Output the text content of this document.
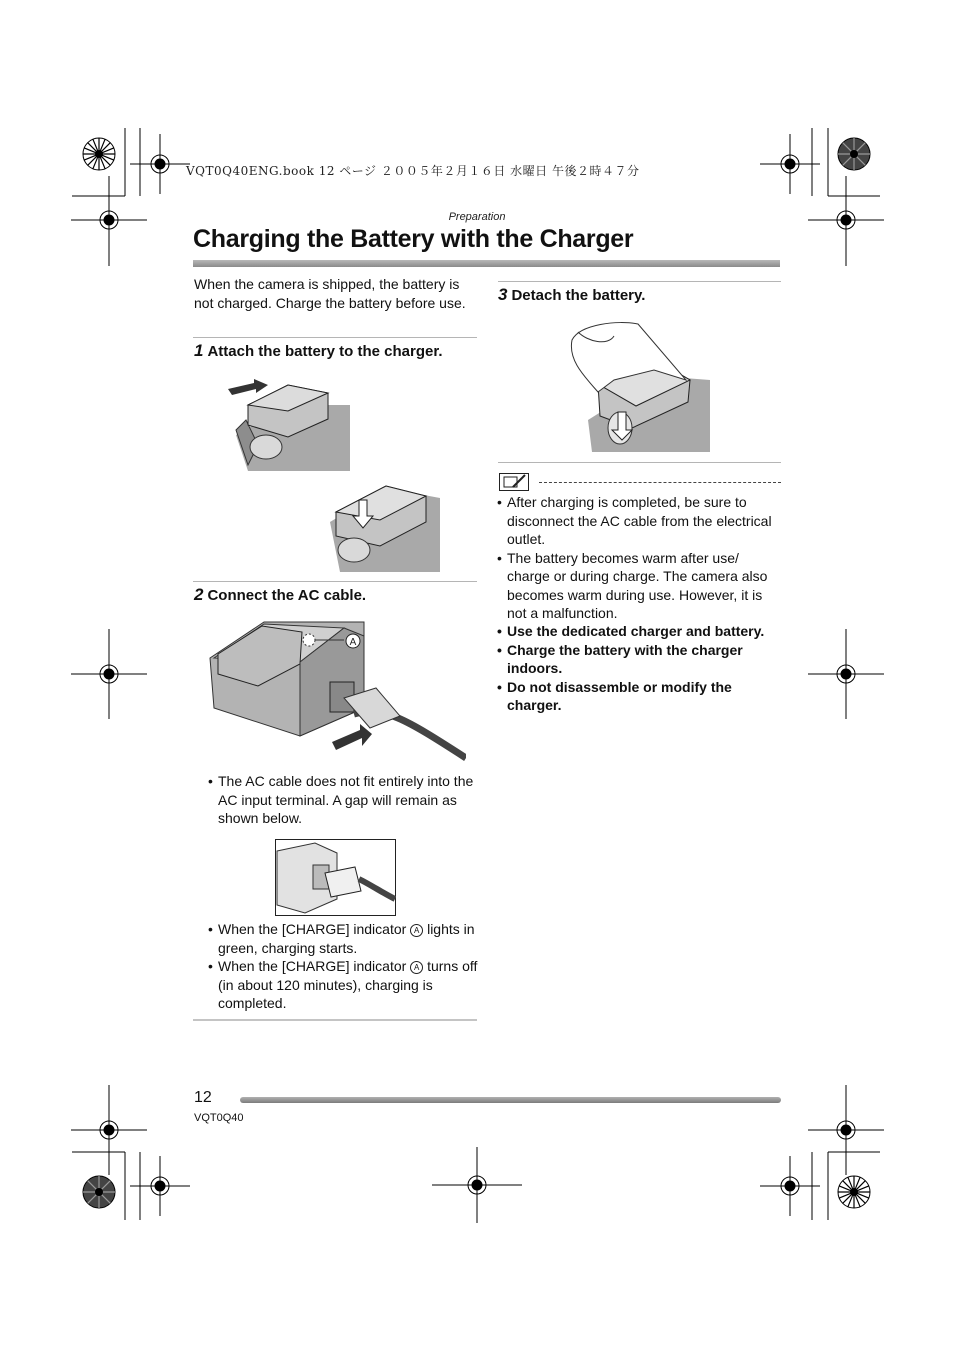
VQT0Q40ENG.book 12 ページ ２００５年２月１６日 水曜日 午後２時４７分
Preparation
Charging the Battery with the Charger
When the camera is shipped, the battery is not charged. Charge the battery before use.
1 Attach the battery to the charger.
2 Connect the AC cable.
A
• The AC cable does not fit entirely into the AC input terminal. A gap will remain as shown below.
• When the [CHARGE] indicator A lights in green, charging starts.
• When the [CHARGE] indicator A turns off (in about 120 minutes), charging is completed.
3 Detach the battery.
• After charging is completed, be sure to disconnect the AC cable from the electrical outlet.
• The battery becomes warm after use/ charge or during charge. The camera also becomes warm during use. However, it is not a malfunction.
• Use the dedicated charger and battery.
• Charge the battery with the charger indoors.
• Do not disassemble or modify the charger.
12
VQT0Q40
